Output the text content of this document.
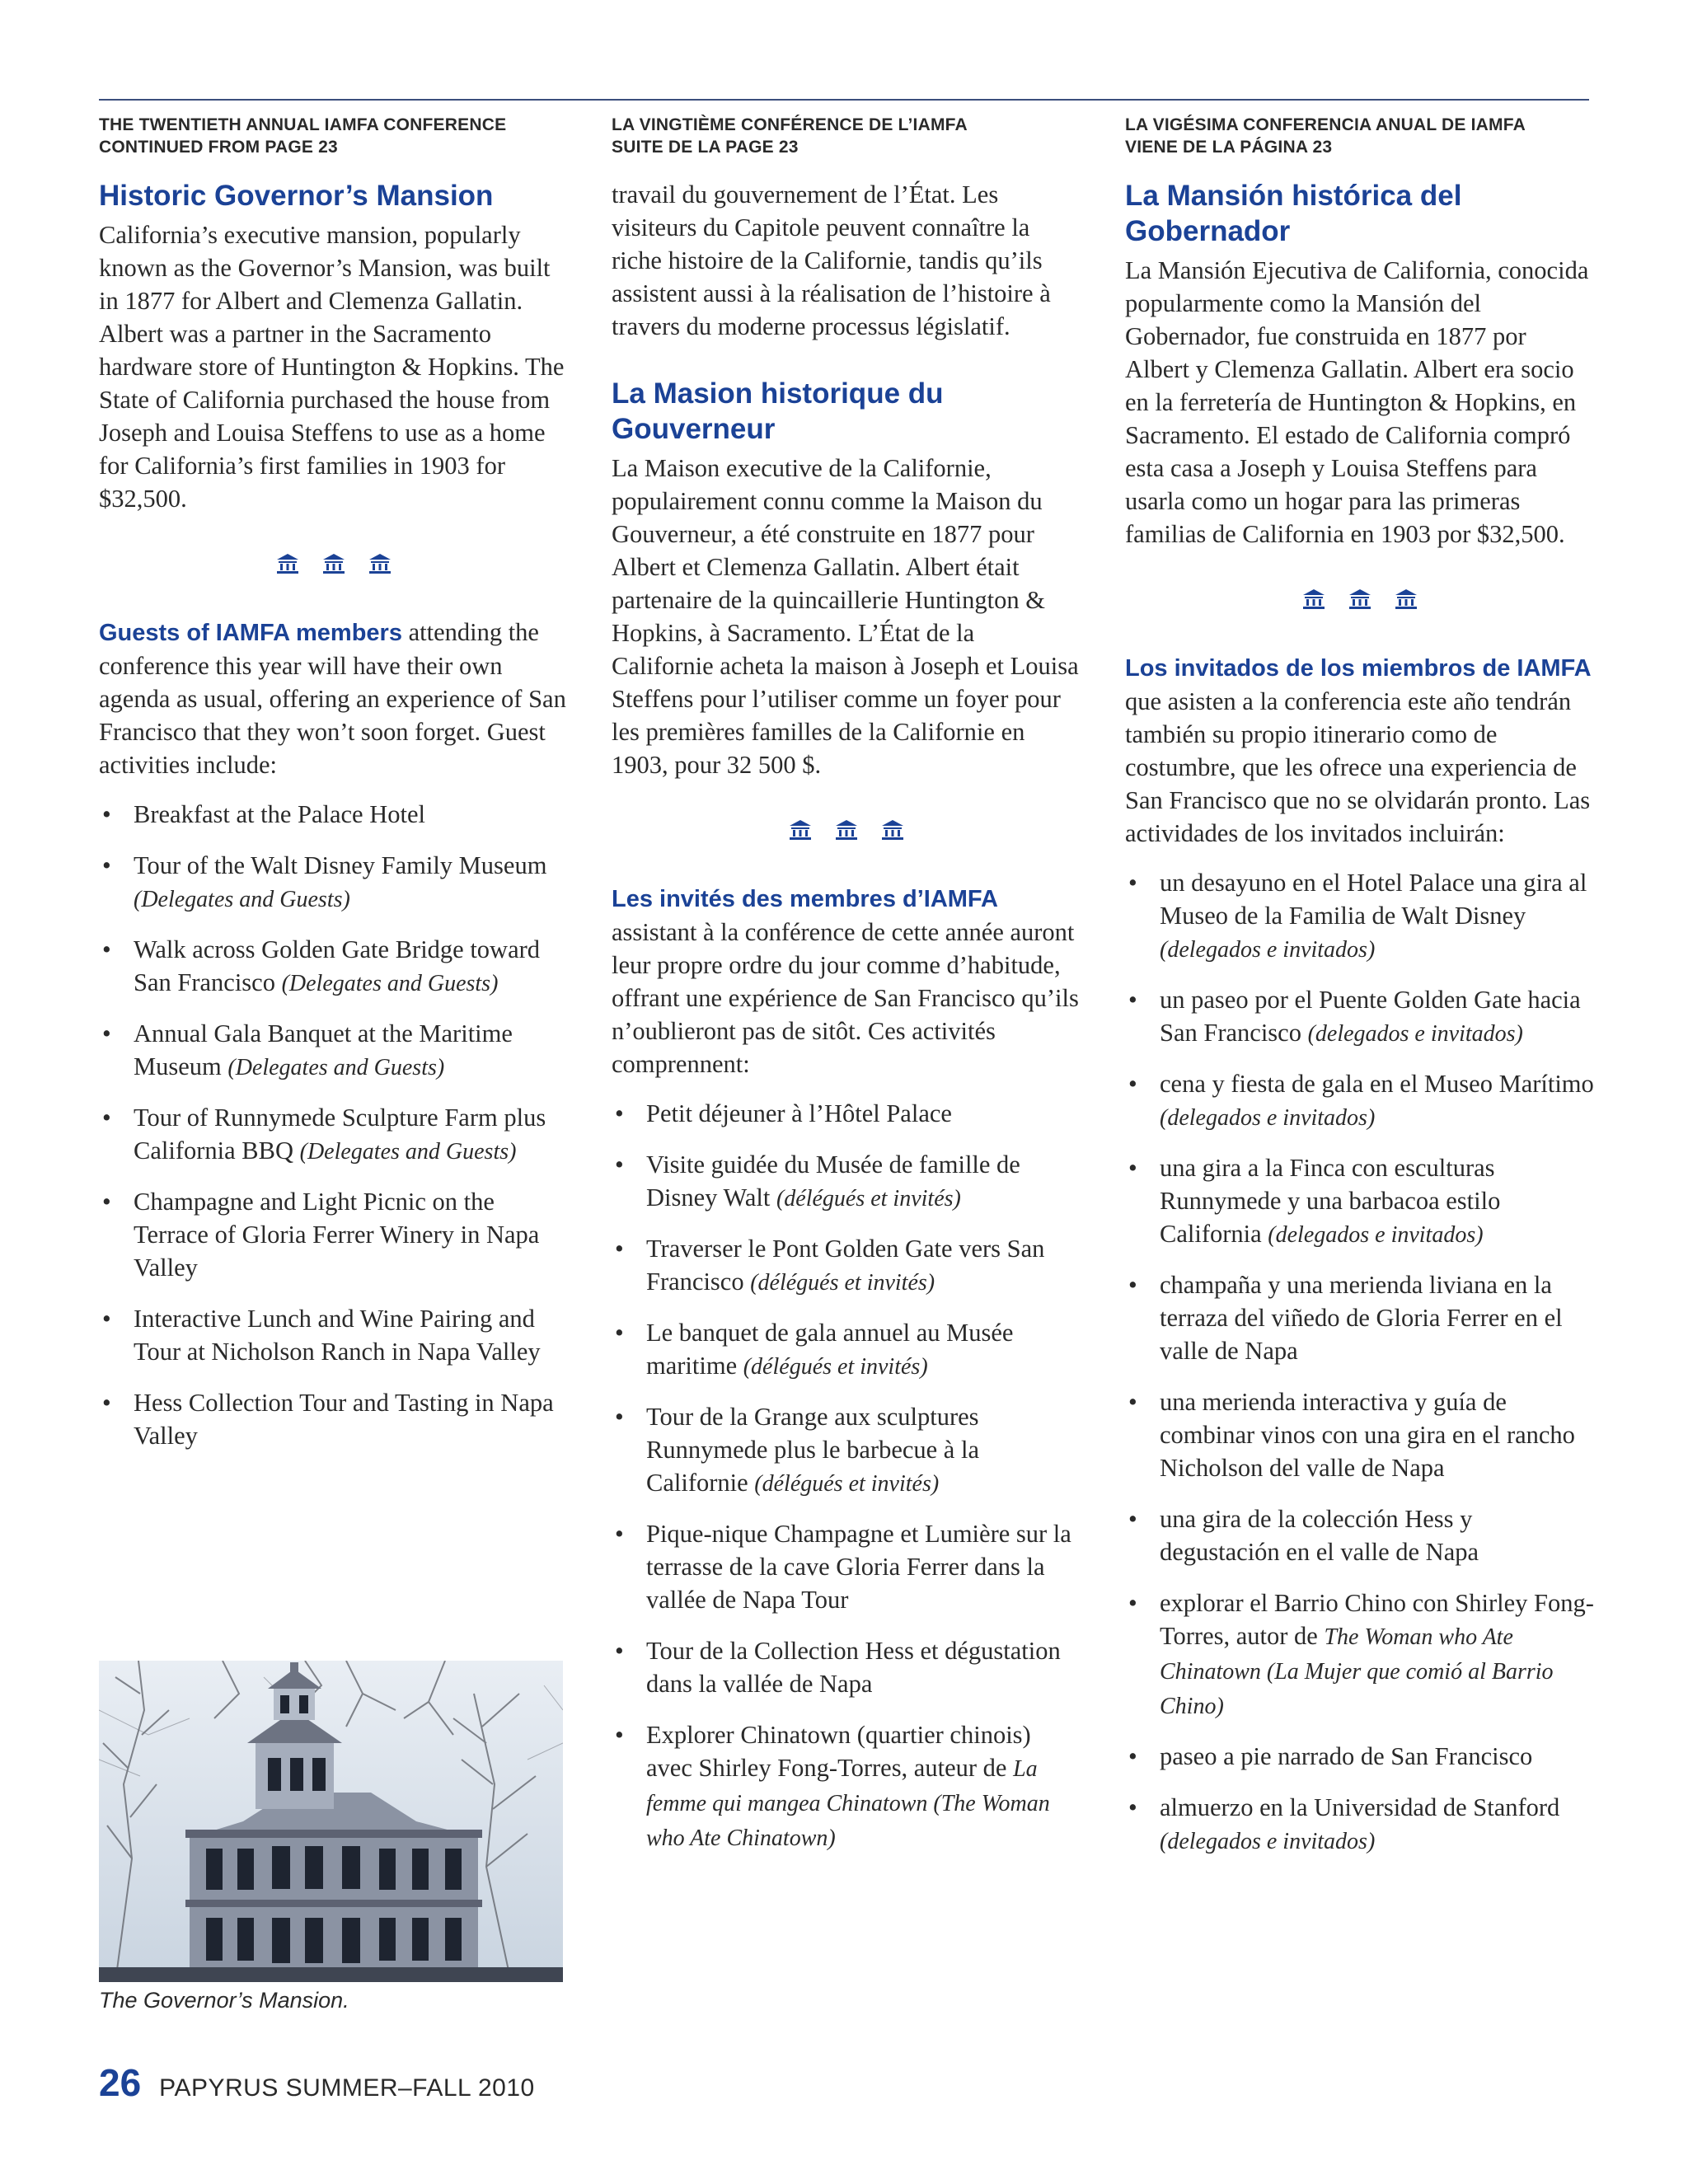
THE TWENTIETH ANNUAL IAMFA CONFERENCE
CONTINUED FROM PAGE 23
Historic Governor’s Mansion

California’s executive mansion, popularly known as the Governor’s Mansion, was built in 1877 for Albert and Clemenza Gallatin. Albert was a partner in the Sacramento hardware store of Huntington & Hopkins. The State of California purchased the house from Joseph and Louisa Steffens to use as a home for California’s first families in 1903 for $32,500.

Guests of IAMFA members attending the conference this year will have their own agenda as usual, offering an experience of San Francisco that they won’t soon forget. Guest activities include:

• Breakfast at the Palace Hotel
• Tour of the Walt Disney Family Museum (Delegates and Guests)
• Walk across Golden Gate Bridge toward San Francisco (Delegates and Guests)
• Annual Gala Banquet at the Maritime Museum (Delegates and Guests)
• Tour of Runnymede Sculpture Farm plus California BBQ (Delegates and Guests)
• Champagne and Light Picnic on the Terrace of Gloria Ferrer Winery in Napa Valley
• Interactive Lunch and Wine Pairing and Tour at Nicholson Ranch in Napa Valley
• Hess Collection Tour and Tasting in Napa Valley
The Governor’s Mansion.
LA VINGTIÈME CONFÉRENCE DE L’IAMFA
SUITE DE LA PAGE 23

travail du gouvernement de l’État. Les visiteurs du Capitole peuvent connaître la riche histoire de la Californie, tandis qu’ils assistent aussi à la réalisation de l’histoire à travers du moderne processus législatif.

La Masion historique du Gouverneur

La Maison executive de la Californie, populairement connu comme la Maison du Gouverneur, a été construite en 1877 pour Albert et Clemenza Gallatin. Albert était partenaire de la quincaillerie Huntington & Hopkins, à Sacramento. L’État de la Californie acheta la maison à Joseph et Louisa Steffens pour l’utiliser comme un foyer pour les premières familles de la Californie en 1903, pour 32 500 $.

Les invités des membres d’IAMFA assistant à la conférence de cette année auront leur propre ordre du jour comme d’habitude, offrant une expérience de San Francisco qu’ils n’oublieront pas de sitôt. Ces activités comprennent:

• Petit déjeuner à l’Hôtel Palace
• Visite guidée du Musée de famille de Disney Walt (délégués et invités)
• Traverser le Pont Golden Gate vers San Francisco (délégués et invités)
• Le banquet de gala annuel au Musée maritime (délégués et invités)
• Tour de la Grange aux sculptures Runnymede plus le barbecue à la Californie (délégués et invités)
• Pique-nique Champagne et Lumière sur la terrasse de la cave Gloria Ferrer dans la vallée de Napa Tour
• Tour de la Collection Hess et dégustation dans la vallée de Napa
• Explorer Chinatown (quartier chinois) avec Shirley Fong-Torres, auteur de La femme qui mangea Chinatown (The Woman who Ate Chinatown)
LA VIGÉSIMA CONFERENCIA ANUAL DE IAMFA
VIENE DE LA PÁGINA 23
La Mansión histórica del Gobernador

La Mansión Ejecutiva de California, conocida popularmente como la Mansión del Gobernador, fue construida en 1877 por Albert y Clemenza Gallatin. Albert era socio en la ferretería de Huntington & Hopkins, en Sacramento. El estado de California compró esta casa a Joseph y Louisa Steffens para usarla como un hogar para las primeras familias de California en 1903 por $32,500.

Los invitados de los miembros de IAMFA que asisten a la conferencia este año tendrán también su propio itinerario como de costumbre, que les ofrece una experiencia de San Francisco que no se olvidarán pronto. Las actividades de los invitados incluirán:

• un desayuno en el Hotel Palace una gira al Museo de la Familia de Walt Disney (delegados e invitados)
• un paseo por el Puente Golden Gate hacia San Francisco (delegados e invitados)
• cena y fiesta de gala en el Museo Marítimo (delegados e invitados)
• una gira a la Finca con esculturas Runnymede y una barbacoa estilo California (delegados e invitados)
• champaña y una merienda liviana en la terraza del viñedo de Gloria Ferrer en el valle de Napa
• una merienda interactiva y guía de combinar vinos con una gira en el rancho Nicholson del valle de Napa
• una gira de la colección Hess y degustación en el valle de Napa
• explorar el Barrio Chino con Shirley Fong-Torres, autor de The Woman who Ate Chinatown (La Mujer que comió al Barrio Chino)
• paseo a pie narrado de San Francisco
• almuerzo en la Universidad de Stanford (delegados e invitados)
26 PAPYRUS SUMMER–FALL 2010
